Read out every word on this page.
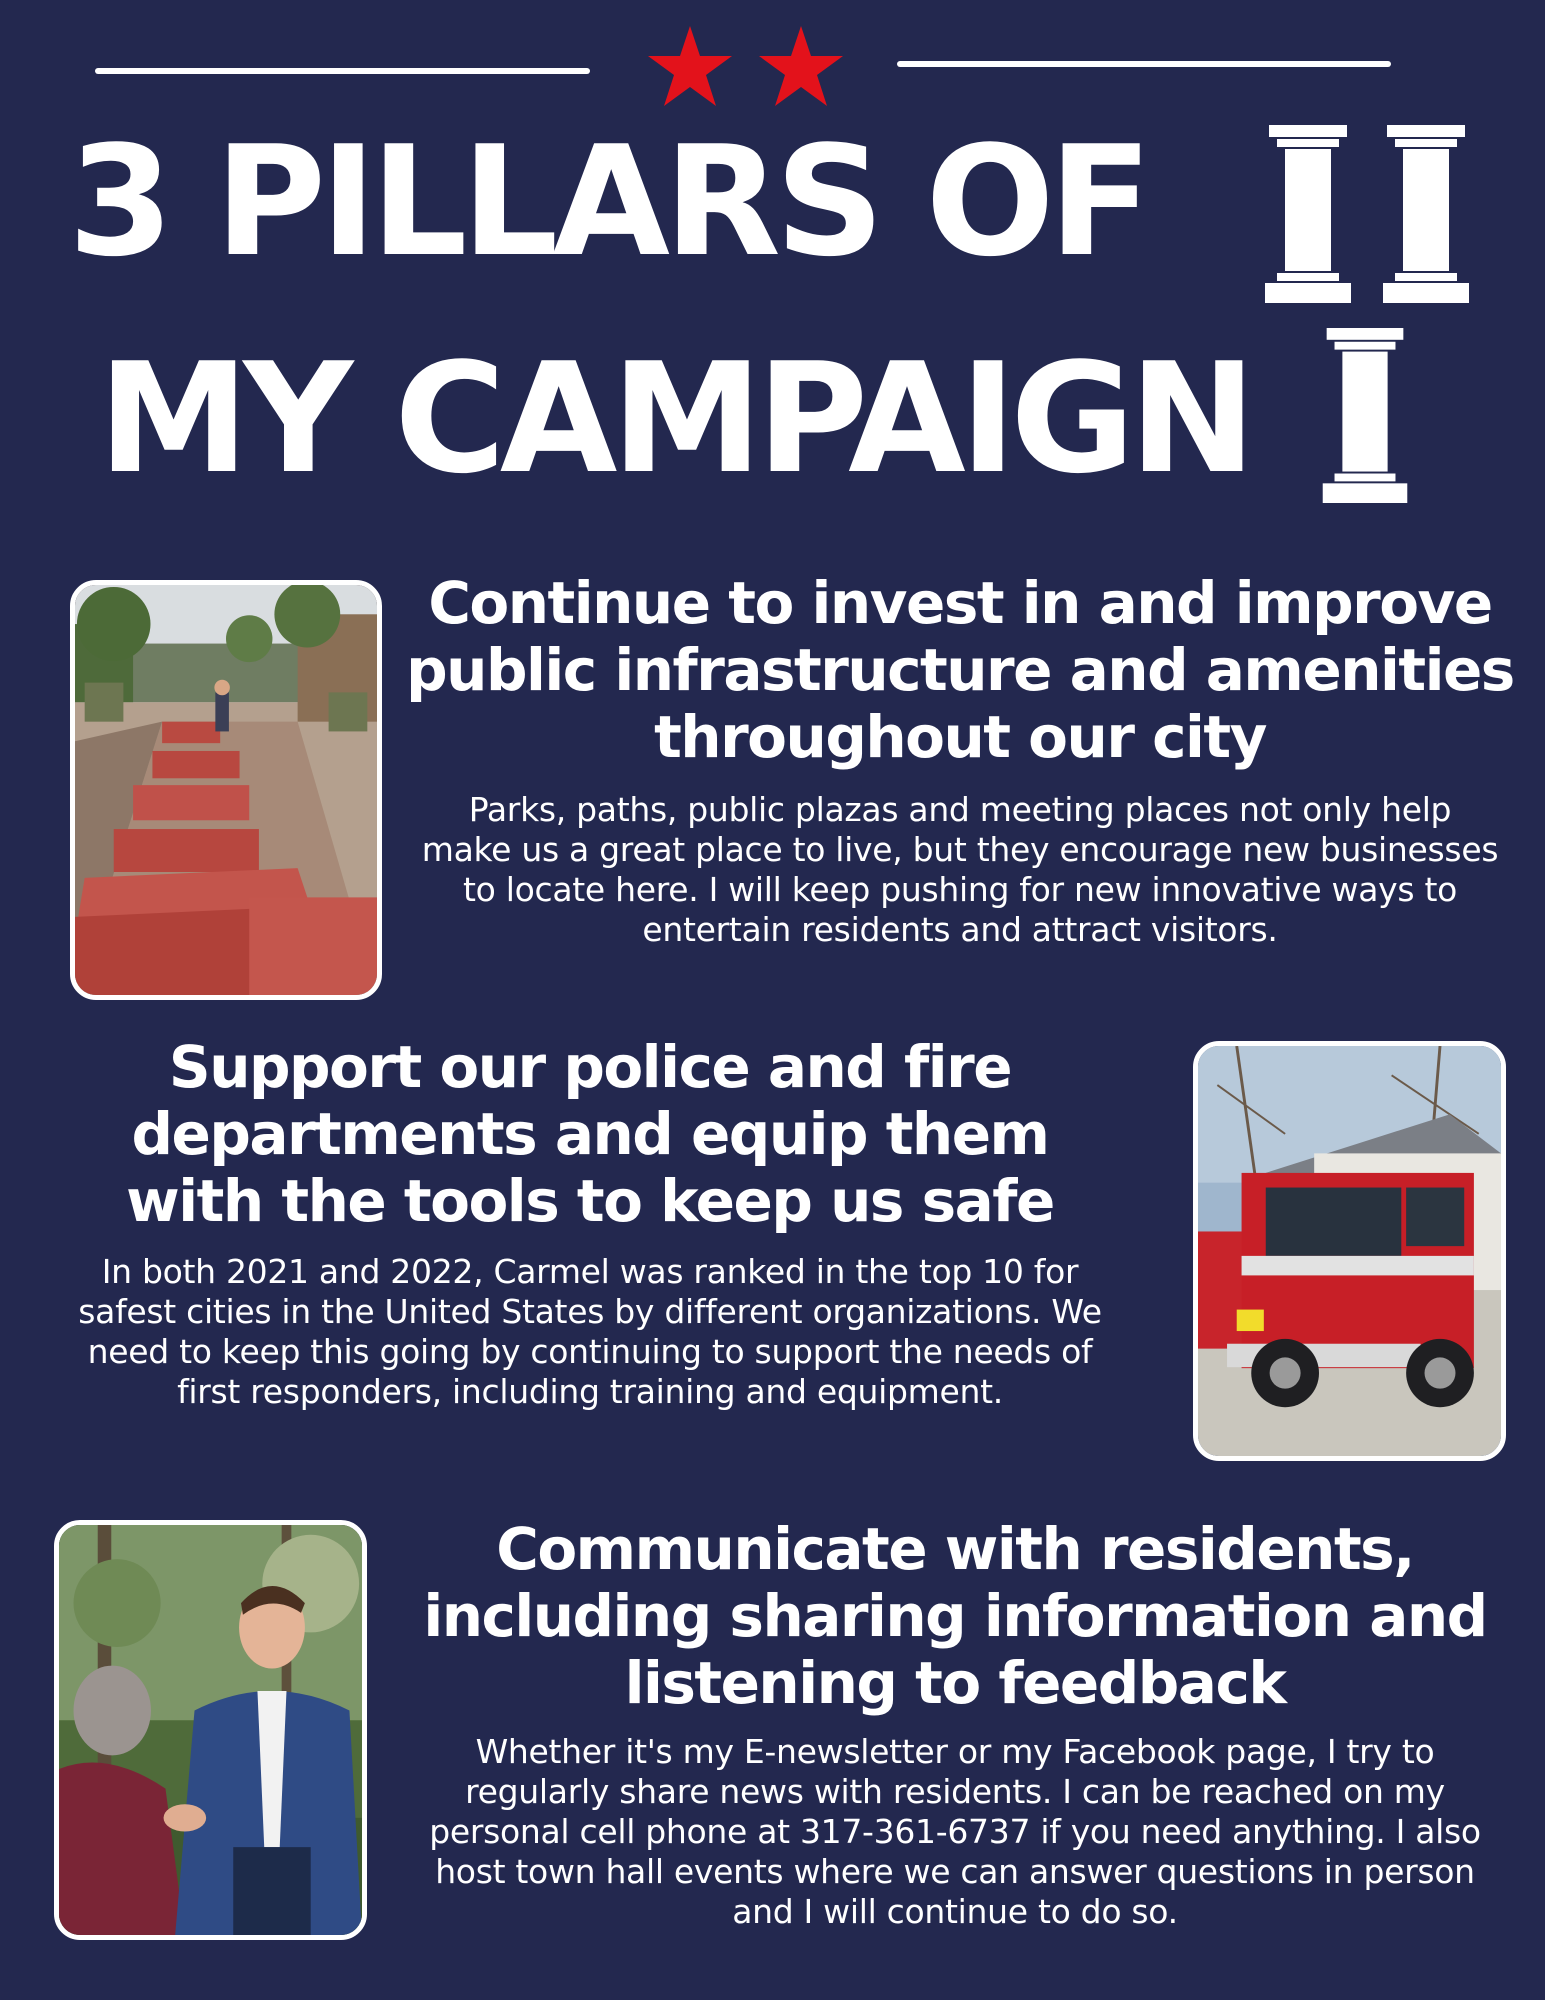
3 PILLARS OF
MY CAMPAIGN
Continue to invest in and improve public infrastructure and amenities throughout our city

Parks, paths, public plazas and meeting places not only help make us a great place to live, but they encourage new businesses to locate here. I will keep pushing for new innovative ways to entertain residents and attract visitors.

Support our police and fire departments and equip them with the tools to keep us safe

In both 2021 and 2022, Carmel was ranked in the top 10 for safest cities in the United States by different organizations. We need to keep this going by continuing to support the needs of first responders, including training and equipment.

Communicate with residents, including sharing information and listening to feedback

Whether it's my E-newsletter or my Facebook page, I try to regularly share news with residents. I can be reached on my personal cell phone at 317-361-6737 if you need anything. I also host town hall events where we can answer questions in person and I will continue to do so.
